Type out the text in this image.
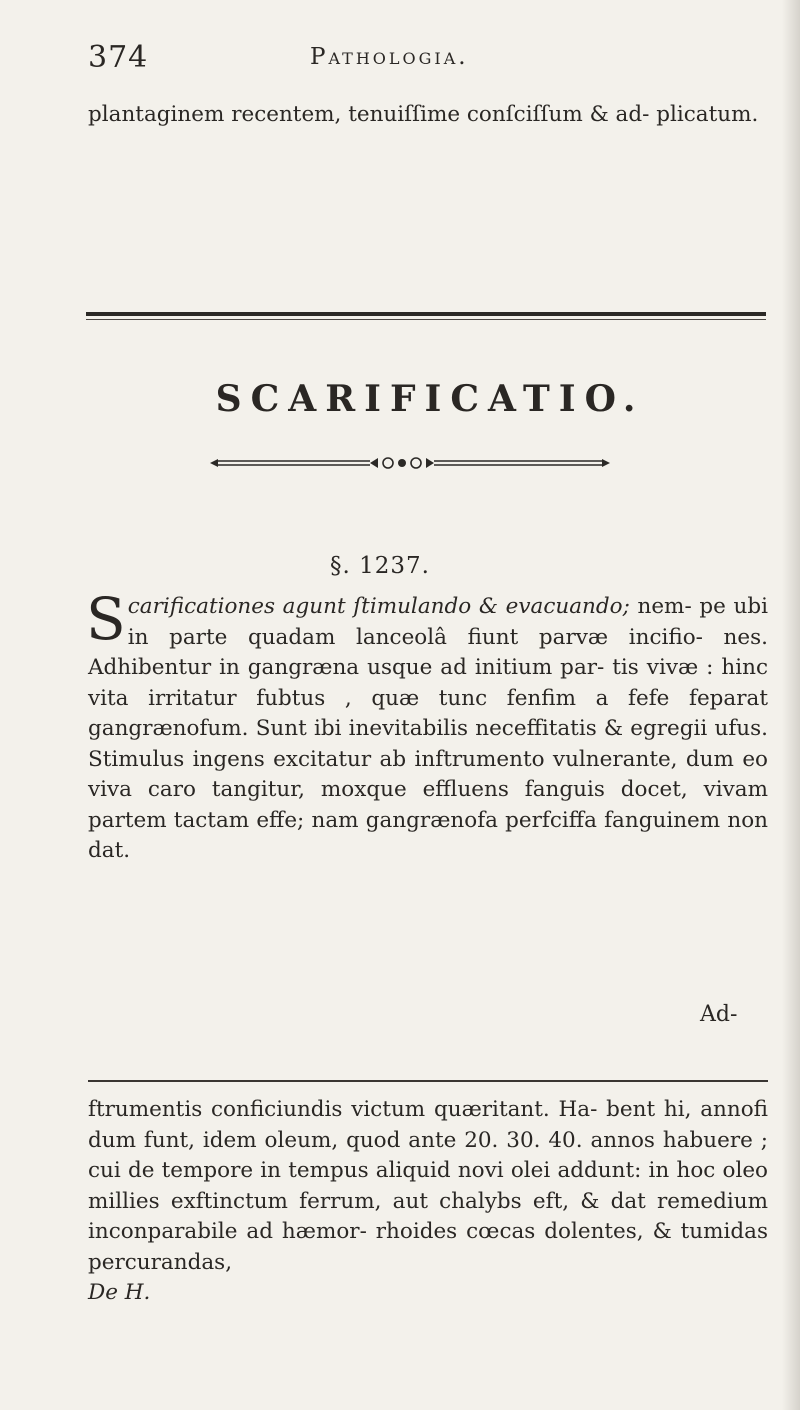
374	Pathologia.

plantaginem recentem, tenuiſſime conſciſſum & ad- plicatum.

SCARIFICATIO.
§. 1237.

Scarificationes agunt ſtimulando & evacuando; nem- pe ubi in parte quadam lanceolâ fiunt parvæ incifio- nes. Adhibentur in gangræna usque ad initium par- tis vivæ : hinc vita irritatur fubtus , quæ tunc fenfim a fefe feparat gangrænofum. Sunt ibi inevitabilis neceffitatis & egregii ufus. Stimulus ingens excitatur ab inftrumento vulnerante, dum eo viva caro tangitur, moxque effluens fanguis docet, vivam partem tactam effe; nam gangrænofa perfciffa fanguinem non dat.

Ad-

ftrumentis conficiundis victum quæritant. Ha- bent hi, annofi dum funt, idem oleum, quod ante 20. 30. 40. annos habuere ; cui de tempore in tempus aliquid novi olei addunt: in hoc oleo millies exftinctum ferrum, aut chalybs eft, & dat remedium inconparabile ad hæmor- rhoides cœcas dolentes, & tumidas percurandas,
De H.
